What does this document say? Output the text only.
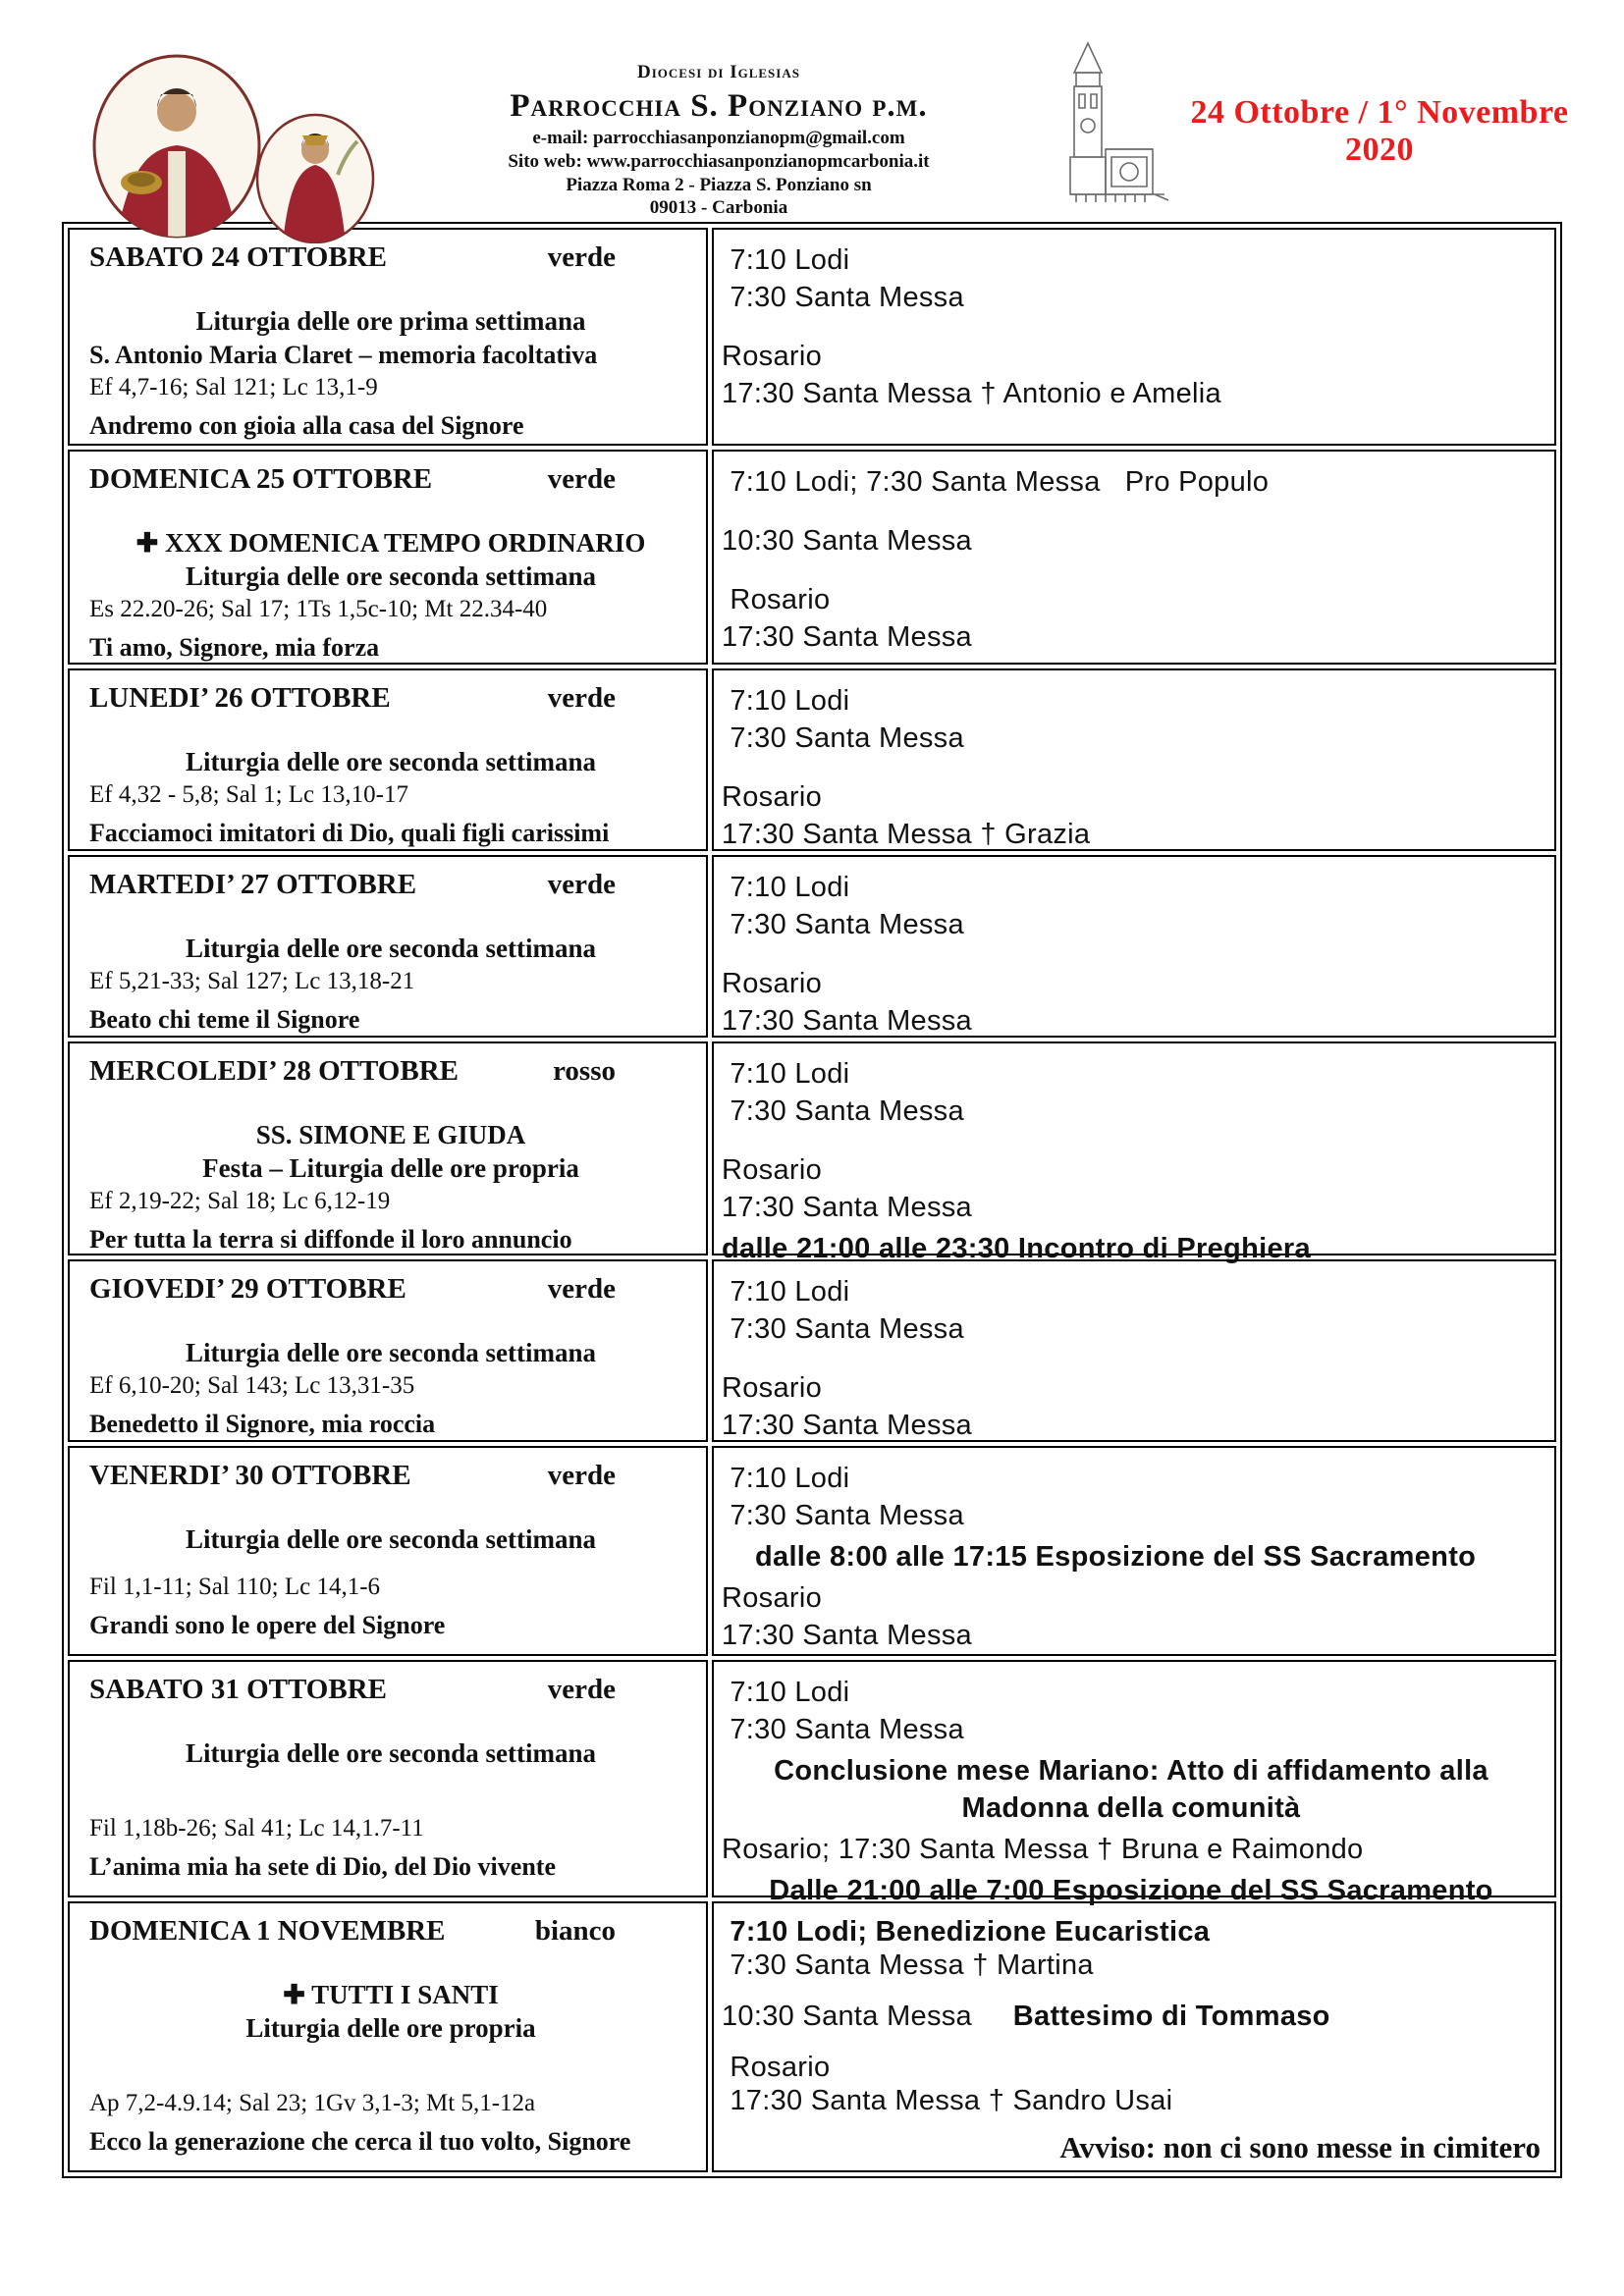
Diocesi di Iglesias
Parrocchia S. Ponziano p.m.
e-mail: parrocchiasanponzianopm@gmail.com
Sito web: www.parrocchiasanponzianopmcarbonia.it
Piazza Roma 2 - Piazza S. Ponziano sn
09013 - Carbonia
24 Ottobre / 1° Novembre 2020
SABATO 24 OTTOBRE	verde
Liturgia delle ore prima settimana
S. Antonio Maria Claret – memoria facoltativa
Ef 4,7-16; Sal 121; Lc 13,1-9
Andremo con gioia alla casa del Signore

7:10 Lodi
7:30 Santa Messa
Rosario
17:30 Santa Messa † Antonio e Amelia

DOMENICA 25 OTTOBRE	verde
✚ XXX DOMENICA TEMPO ORDINARIO
Liturgia delle ore seconda settimana
Es 22.20-26; Sal 17; 1Ts 1,5c-10; Mt 22.34-40
Ti amo, Signore, mia forza

7:10 Lodi; 7:30 Santa Messa   Pro Populo
10:30 Santa Messa
Rosario
17:30 Santa Messa

LUNEDI’ 26 OTTOBRE	verde
Liturgia delle ore seconda settimana
Ef 4,32 - 5,8; Sal 1; Lc 13,10-17
Facciamoci imitatori di Dio, quali figli carissimi

7:10 Lodi
7:30 Santa Messa
Rosario
17:30 Santa Messa † Grazia

MARTEDI’ 27 OTTOBRE	verde
Liturgia delle ore seconda settimana
Ef 5,21-33; Sal 127; Lc 13,18-21
Beato chi teme il Signore

7:10 Lodi
7:30 Santa Messa
Rosario
17:30 Santa Messa

MERCOLEDI’ 28 OTTOBRE	rosso
SS. SIMONE E GIUDA
Festa – Liturgia delle ore propria
Ef 2,19-22; Sal 18; Lc 6,12-19
Per tutta la terra si diffonde il loro annuncio

7:10 Lodi
7:30 Santa Messa
Rosario
17:30 Santa Messa
dalle 21:00 alle 23:30 Incontro di Preghiera

GIOVEDI’ 29 OTTOBRE	verde
Liturgia delle ore seconda settimana
Ef 6,10-20; Sal 143; Lc 13,31-35
Benedetto il Signore, mia roccia

7:10 Lodi
7:30 Santa Messa
Rosario
17:30 Santa Messa

VENERDI’ 30 OTTOBRE	verde
Liturgia delle ore seconda settimana
Fil 1,1-11; Sal 110; Lc 14,1-6
Grandi sono le opere del Signore

7:10 Lodi
7:30 Santa Messa
dalle 8:00 alle 17:15 Esposizione del SS Sacramento
Rosario
17:30 Santa Messa

SABATO 31 OTTOBRE	verde
Liturgia delle ore seconda settimana
Fil 1,18b-26; Sal 41; Lc 14,1.7-11
L’anima mia ha sete di Dio, del Dio vivente

7:10 Lodi
7:30 Santa Messa
Conclusione mese Mariano: Atto di affidamento alla Madonna della comunità
Rosario; 17:30 Santa Messa † Bruna e Raimondo
Dalle 21:00 alle 7:00 Esposizione del SS Sacramento

DOMENICA 1 NOVEMBRE	bianco
✚ TUTTI I SANTI
Liturgia delle ore propria
Ap 7,2-4.9.14; Sal 23; 1Gv 3,1-3; Mt 5,1-12a
Ecco la generazione che cerca il tuo volto, Signore

7:10 Lodi; Benedizione Eucaristica
7:30 Santa Messa † Martina
10:30 Santa Messa     Battesimo di Tommaso
Rosario
17:30 Santa Messa † Sandro Usai
Avviso: non ci sono messe in cimitero
